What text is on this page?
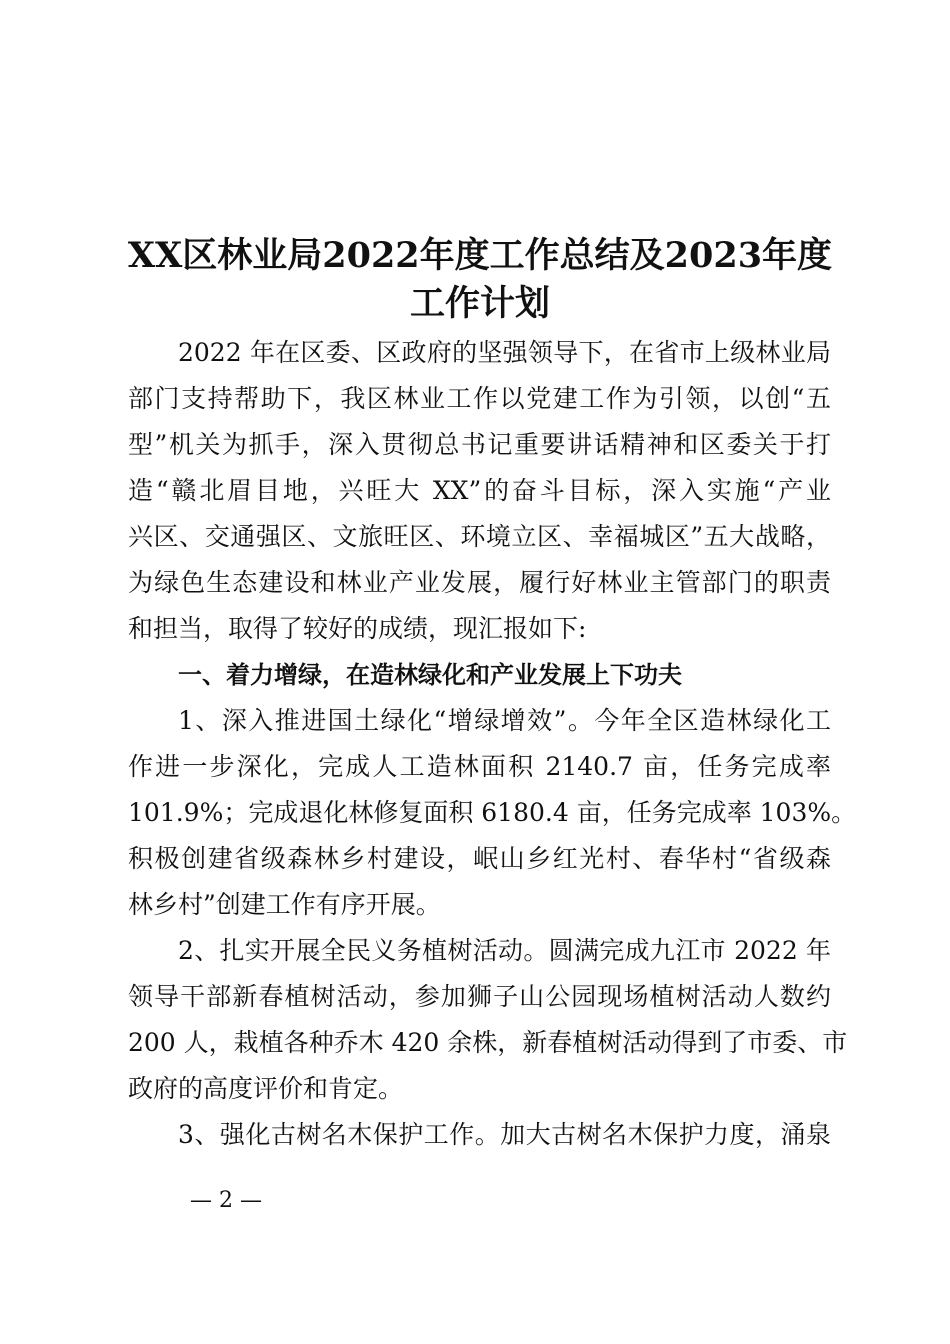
XX区林业局2022年度工作总结及2023年度
工作计划
2022 年在区委、区政府的坚强领导下，在省市上级林业局
部门支持帮助下，我区林业工作以党建工作为引领，以创“五
型”机关为抓手，深入贯彻总书记重要讲话精神和区委关于打
造“赣北眉目地，兴旺大 XX”的奋斗目标，深入实施“产业
兴区、交通强区、文旅旺区、环境立区、幸福城区”五大战略，
为绿色生态建设和林业产业发展，履行好林业主管部门的职责
和担当，取得了较好的成绩，现汇报如下:
一、着力增绿，在造林绿化和产业发展上下功夫
1、深入推进国土绿化“增绿增效”。今年全区造林绿化工
作进一步深化，完成人工造林面积 2140.7 亩，任务完成率
101.9%；完成退化林修复面积 6180.4 亩，任务完成率 103%。
积极创建省级森林乡村建设，岷山乡红光村、春华村“省级森
林乡村”创建工作有序开展。
2、扎实开展全民义务植树活动。圆满完成九江市 2022 年
领导干部新春植树活动，参加狮子山公园现场植树活动人数约
200 人，栽植各种乔木 420 余株，新春植树活动得到了市委、市
政府的高度评价和肯定。
3、强化古树名木保护工作。加大古树名木保护力度，涌泉
— 2 —
